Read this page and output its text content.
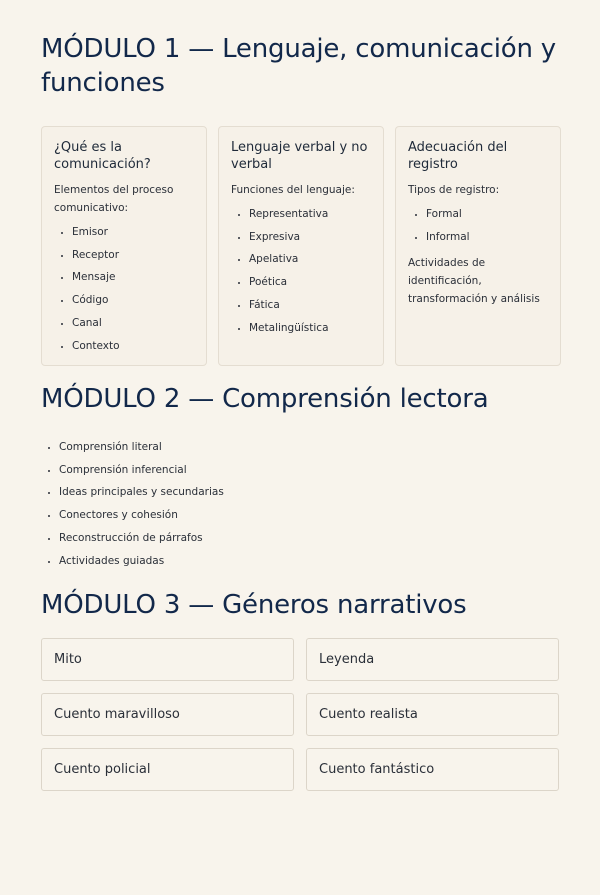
MÓDULO 1 — Lenguaje, comunicación y funciones
¿Qué es la comunicación?

Elementos del proceso comunicativo:

• Emisor
• Receptor
• Mensaje
• Código
• Canal
• Contexto
Lenguaje verbal y no verbal

Funciones del lenguaje:

• Representativa
• Expresiva
• Apelativa
• Poética
• Fática
• Metalingüística
Adecuación del registro

Tipos de registro:

• Formal
• Informal

Actividades de identificación, transformación y análisis

MÓDULO 2 — Comprensión lectora
• Comprensión literal
• Comprensión inferencial
• Ideas principales y secundarias
• Conectores y cohesión
• Reconstrucción de párrafos
• Actividades guiadas
MÓDULO 3 — Géneros narrativos
Mito	Leyenda
Cuento maravilloso	Cuento realista
Cuento policial	Cuento fantástico
